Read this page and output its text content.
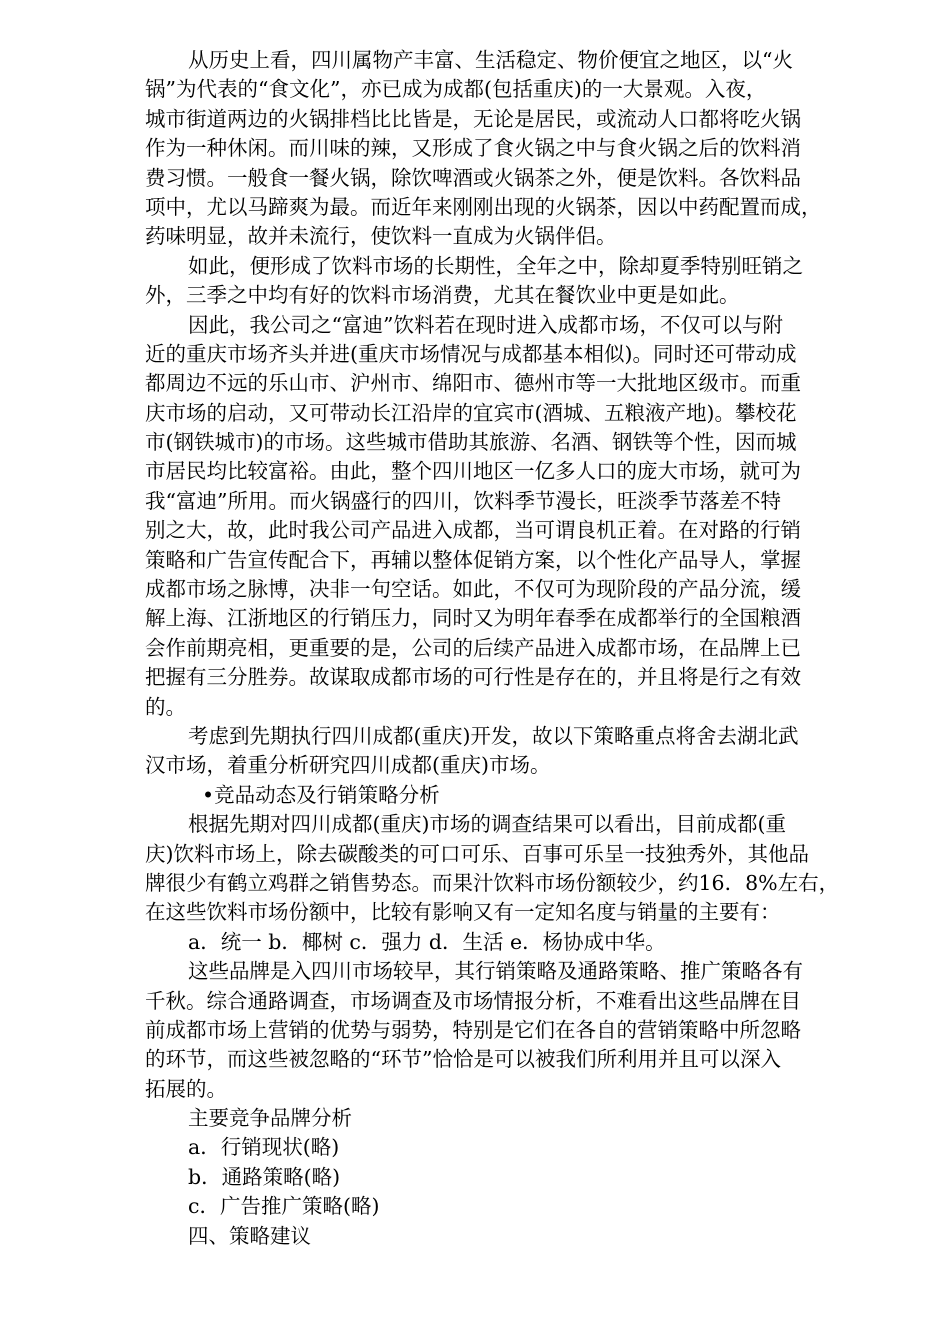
从历史上看，四川属物产丰富、生活稳定、物价便宜之地区，以“火
锅”为代表的“食文化”，亦已成为成都(包括重庆)的一大景观。入夜，
城市街道两边的火锅排档比比皆是，无论是居民，或流动人口都将吃火锅
作为一种休闲。而川味的辣，又形成了食火锅之中与食火锅之后的饮料消
费习惯。一般食一餐火锅，除饮啤酒或火锅茶之外，便是饮料。各饮料品
项中，尤以马蹄爽为最。而近年来刚刚出现的火锅茶，因以中药配置而成，
药味明显，故并未流行，使饮料一直成为火锅伴侣。
如此，便形成了饮料市场的长期性，全年之中，除却夏季特别旺销之
外，三季之中均有好的饮料市场消费，尤其在餐饮业中更是如此。
因此，我公司之“富迪”饮料若在现时进入成都市场，不仅可以与附
近的重庆市场齐头并进(重庆市场情况与成都基本相似)。同时还可带动成
都周边不远的乐山市、沪州市、绵阳市、德州市等一大批地区级市。而重
庆市场的启动，又可带动长江沿岸的宜宾市(酒城、五粮液产地)。攀校花
市(钢铁城市)的市场。这些城市借助其旅游、名酒、钢铁等个性，因而城
市居民均比较富裕。由此，整个四川地区一亿多人口的庞大市场，就可为
我“富迪”所用。而火锅盛行的四川，饮料季节漫长，旺淡季节落差不特
别之大，故，此时我公司产品进入成都，当可谓良机正着。在对路的行销
策略和广告宣传配合下，再辅以整体促销方案，以个性化产品导人，掌握
成都市场之脉博，决非一句空话。如此，不仅可为现阶段的产品分流，缓
解上海、江浙地区的行销压力，同时又为明年春季在成都举行的全国粮酒
会作前期亮相，更重要的是，公司的后续产品进入成都市场，在品牌上已
把握有三分胜券。故谋取成都市场的可行性是存在的，并且将是行之有效
的。
考虑到先期执行四川成都(重庆)开发，故以下策略重点将舍去湖北武
汉市场，着重分析研究四川成都(重庆)市场。
•竞品动态及行销策略分析
根据先期对四川成都(重庆)市场的调查结果可以看出，目前成都(重
庆)饮料市场上，除去碳酸类的可口可乐、百事可乐呈一技独秀外，其他品
牌很少有鹤立鸡群之销售势态。而果汁饮料市场份额较少，约16．8%左右，
在这些饮料市场份额中，比较有影响又有一定知名度与销量的主要有：
a．统一 b．椰树 c．强力 d．生活 e．杨协成中华。
这些品牌是入四川市场较早，其行销策略及通路策略、推广策略各有
千秋。综合通路调查，市场调查及市场情报分析，不难看出这些品牌在目
前成都市场上营销的优势与弱势，特别是它们在各自的营销策略中所忽略
的环节，而这些被忽略的“环节”恰恰是可以被我们所利用并且可以深入
拓展的。
主要竞争品牌分析
a．行销现状(略)
b．通路策略(略)
c．广告推广策略(略)
四、策略建议
